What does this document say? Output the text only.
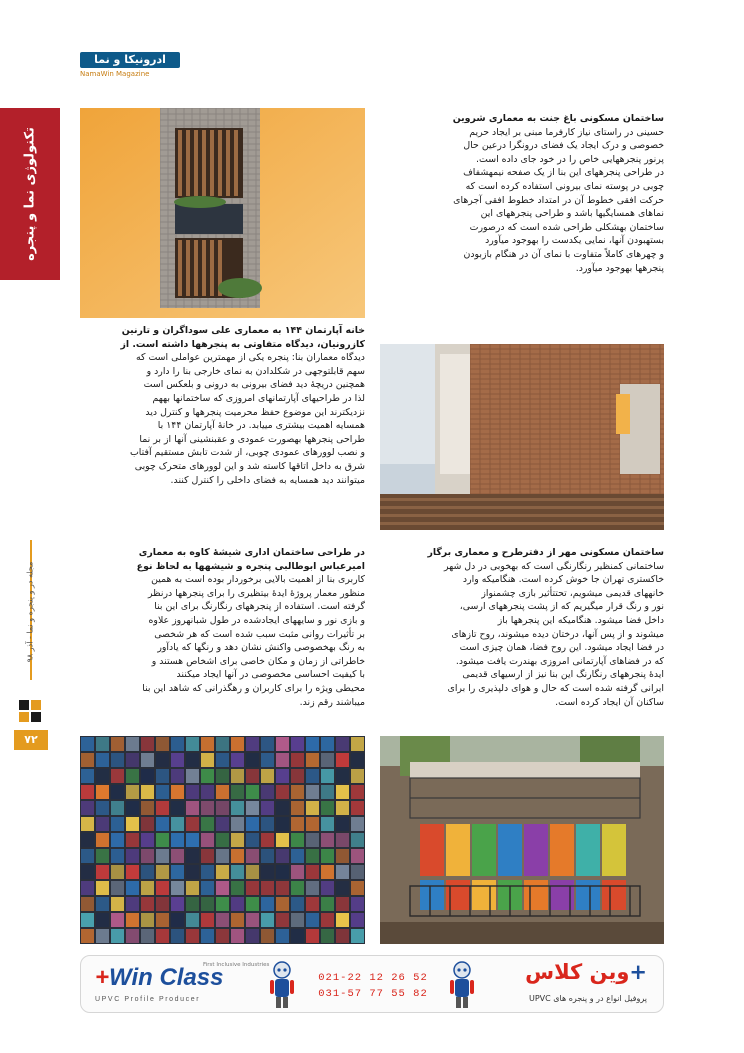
ادرونیکا و نما
NamaWin Magazine
تکنولوژی نما و پنجره
مجله در و پنجره و نما - آذر ۹۸
۷۲
ساختمان مسکونی باغ جنت به معماری شروین
حسینی در راستای نیاز کارفرما مبنی بر ایجاد حریم
خصوصی و درک ایجاد یک فضای درونگرا درعین حال
پرنور پنجرههایی خاص را در خود جای داده است.
در طراحی پنجرههای این بنا از یک صفحه نیمهشفاف
چوبی در پوسته نمای بیرونی استفاده کرده است که
حرکت افقی خطوط آن در امتداد خطوط افقی آجرهای
نماهای همسایگیها باشد و طراحی پنجرههای این
ساختمان بهشکلی طراحی شده است که درصورت
بستهبودن آنها، نمایی یکدست را بهوجود میآورد
و چهرهای کاملاً متفاوت با نمای آن در هنگام بازبودن
پنجرهها بهوجود میآورد.
خانه آپارتمان ۱۴۴ به معماری علی سوداگران و تارنین
کازرونیان، دیدگاه متفاوتی به پنجرهها داشته است. از
دیدگاه معماران بنا: پنجره یکی از مهمترین عواملی است که
سهم قابلتوجهی در شکلدادن به نمای خارجی بنا را دارد و
همچنین دریچهٔ دید فضای بیرونی به درونی و بلعکس است
لذا در طراحیهای آپارتمانهای امروزی که ساختمانها بههم
نزدیکترند این موضوع حفظ محرمیت پنجرهها و کنترل دید
همسایه اهمیت بیشتری مییابد. در خانهٔ آپارتمان ۱۴۴ با
طراحی پنجرهها بهصورت عمودی و عقبنشینی آنها از بر نما
و نصب لوورهای عمودی چوبی، از شدت تابش مستقیم آفتاب
شرق به داخل اتاقها کاسته شد و این لوورهای متحرک چوبی
میتوانند دید همسایه به فضای داخلی را کنترل کنند.
در طراحی ساختمان اداری شیشهٔ کاوه به معماری
امیرعباس ابوطالبی پنجره و شیشهها به لحاظ نوع
کاربری بنا از اهمیت بالایی برخوردار بوده است به همین
منظور معمار پروژهٔ ایدهٔ بیتظیری را برای پنجرهها درنظر
گرفته است. استفاده از پنجرههای رنگارنگ برای این بنا
و بازی نور و سایههای ایجادشده در طول شبانهروز علاوه
بر تأثیرات روانی مثبت سبب شده است که هر شخصی
به رنگ بهخصوصی واکنش نشان دهد و رنگها که یادآور
خاطراتی از زمان و مکان خاصی برای اشخاص هستند و
با کیفیت احساسی مخصوصی در آنها ایجاد میکنند
محیطی ویژه را برای کاربران و رهگذرانی که شاهد این بنا
میباشند رقم زند.
ساختمان مسکونی مهر از دفترطرح و معماری برگار
ساختمانی کمنظیر رنگارنگی است که بهخوبی در دل شهر
خاکستری تهران جا خوش کرده است. هنگامیکه وارد
خانههای قدیمی میشویم، تحتتأثیر بازی چشمنواز
نور و رنگ قرار میگیریم که از پشت پنجرههای ارسی،
داخل فضا میشود. هنگامیکه این پنجرهها باز
میشوند و از پس آنها، درختان دیده میشوند، روح تازهای
در فضا ایجاد میشود. این روح فضا، همان چیزی است
که در فضاهای آپارتمانی امروزی بهندرت یافت میشود.
ایدهٔ پنجرههای رنگارنگ این بنا نیز از ارسیهای قدیمی
ایرانی گرفته شده است که حال و هوای دلپذیری را برای
ساکنان آن ایجاد کرده است.
First Inclusive Industries
+Win Class
UPVC Profile Producer
021-22 12 26 52
031-57 77 55 82
+وین کلاس
پروفیل انواع در و پنجره های UPVC
